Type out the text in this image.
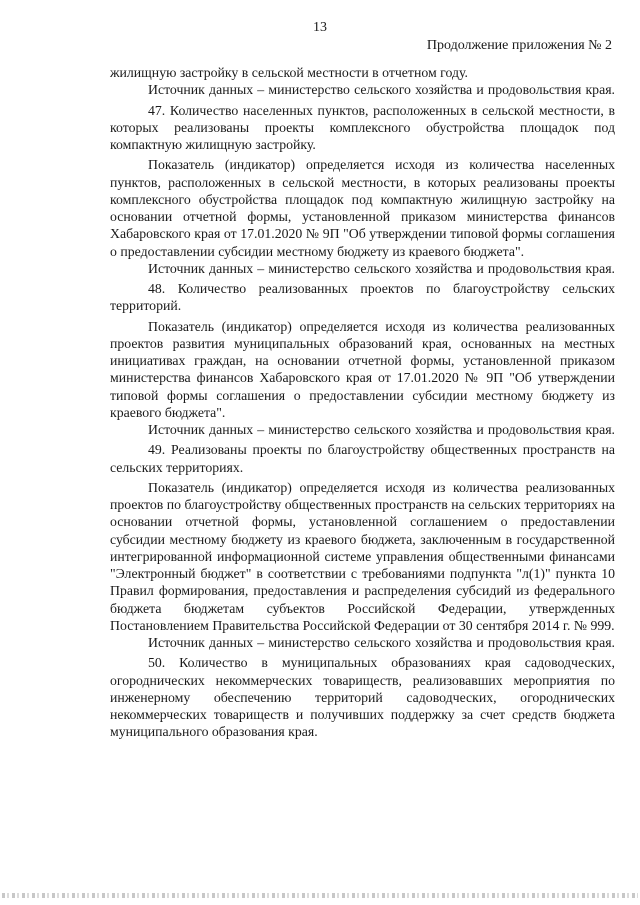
13
Продолжение приложения № 2

жилищную застройку в сельской местности в отчетном году.

Источник данных – министерство сельского хозяйства и продовольствия края.

47. Количество населенных пунктов, расположенных в сельской местности, в которых реализованы проекты комплексного обустройства площадок под компактную жилищную застройку.

Показатель (индикатор) определяется исходя из количества населенных пунктов, расположенных в сельской местности, в которых реализованы проекты комплексного обустройства площадок под компактную жилищную застройку на основании отчетной формы, установленной приказом министерства финансов Хабаровского края от 17.01.2020 № 9П "Об утверждении типовой формы соглашения о предоставлении субсидии местному бюджету из краевого бюджета".

Источник данных – министерство сельского хозяйства и продовольствия края.

48. Количество реализованных проектов по благоустройству сельских территорий.

Показатель (индикатор) определяется исходя из количества реализованных проектов развития муниципальных образований края, основанных на местных инициативах граждан, на основании отчетной формы, установленной приказом министерства финансов Хабаровского края от 17.01.2020 № 9П "Об утверждении типовой формы соглашения о предоставлении субсидии местному бюджету из краевого бюджета".

Источник данных – министерство сельского хозяйства и продовольствия края.

49. Реализованы проекты по благоустройству общественных пространств на сельских территориях.

Показатель (индикатор) определяется исходя из количества реализованных проектов по благоустройству общественных пространств на сельских территориях на основании отчетной формы, установленной соглашением о предоставлении субсидии местному бюджету из краевого бюджета, заключенным в государственной интегрированной информационной системе управления общественными финансами "Электронный бюджет" в соответствии с требованиями подпункта "л(1)" пункта 10 Правил формирования, предоставления и распределения субсидий из федерального бюджета бюджетам субъектов Российской Федерации, утвержденных Постановлением Правительства Российской Федерации от 30 сентября 2014 г. № 999.

Источник данных – министерство сельского хозяйства и продовольствия края.

50. Количество в муниципальных образованиях края садоводческих, огороднических некоммерческих товариществ, реализовавших мероприятия по инженерному обеспечению территорий садоводческих, огороднических некоммерческих товариществ и получивших поддержку за счет средств бюджета муниципального образования края.
